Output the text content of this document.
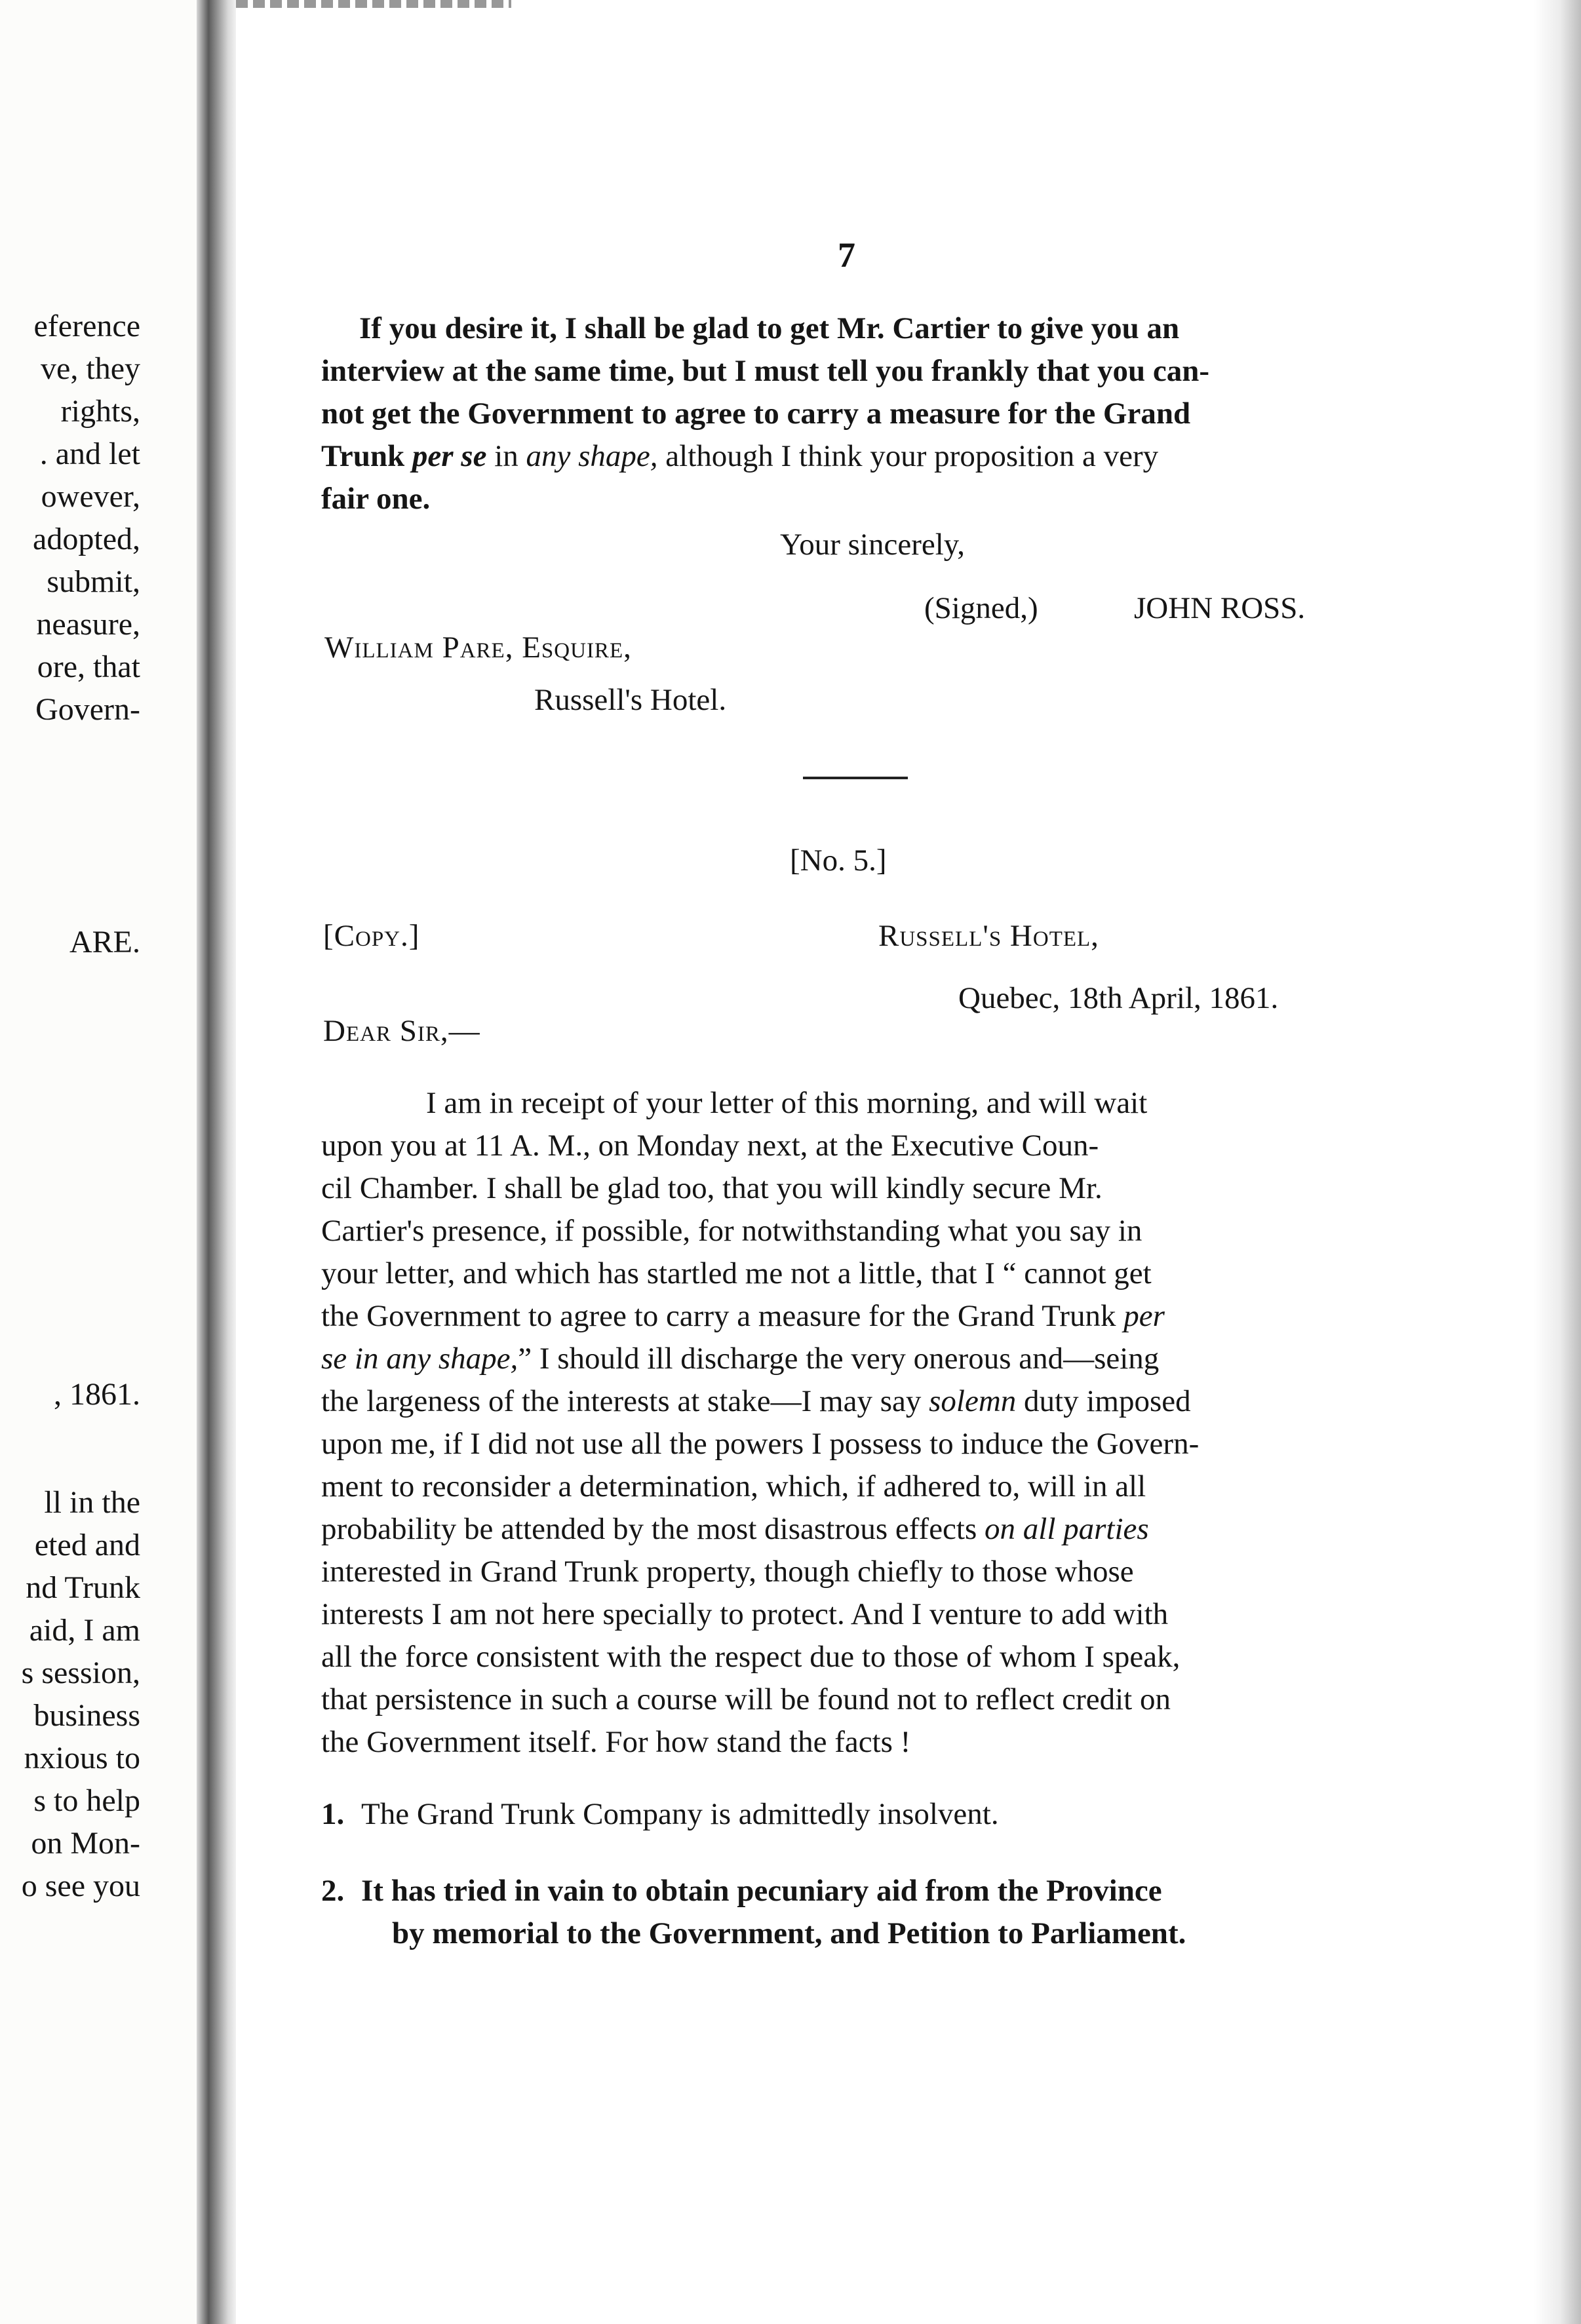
eference
ve, they
rights,
. and let
owever,
adopted,
submit,
neasure,
ore, that
Govern-
ARE.
, 1861.
ll in the
eted and
nd Trunk
aid, I am
s session,
business
nxious to
s to help
on Mon-
o see you
7
If you desire it, I shall be glad to get Mr. Cartier to give you an
interview at the same time, but I must tell you frankly that you can-
not get the Government to agree to carry a measure for the Grand
Trunk per se in any shape, although I think your proposition a very
fair one.
Your sincerely,
(Signed,)	JOHN ROSS.
William Pare, Esquire,
Russell's Hotel.
[No. 5.]
[Copy.]	Russell's Hotel,
Quebec, 18th April, 1861.
Dear Sir,—
I am in receipt of your letter of this morning, and will wait
upon you at 11 A. M., on Monday next, at the Executive Coun-
cil Chamber. I shall be glad too, that you will kindly secure Mr.
Cartier's presence, if possible, for notwithstanding what you say in
your letter, and which has startled me not a little, that I “ cannot get
the Government to agree to carry a measure for the Grand Trunk per
se in any shape,” I should ill discharge the very onerous and—seing
the largeness of the interests at stake—I may say solemn duty imposed
upon me, if I did not use all the powers I possess to induce the Govern-
ment to reconsider a determination, which, if adhered to, will in all
probability be attended by the most disastrous effects on all parties
interested in Grand Trunk property, though chiefly to those whose
interests I am not here specially to protect. And I venture to add with
all the force consistent with the respect due to those of whom I speak,
that persistence in such a course will be found not to reflect credit on
the Government itself. For how stand the facts !
1. The Grand Trunk Company is admittedly insolvent.
2. It has tried in vain to obtain pecuniary aid from the Province
by memorial to the Government, and Petition to Parliament.
